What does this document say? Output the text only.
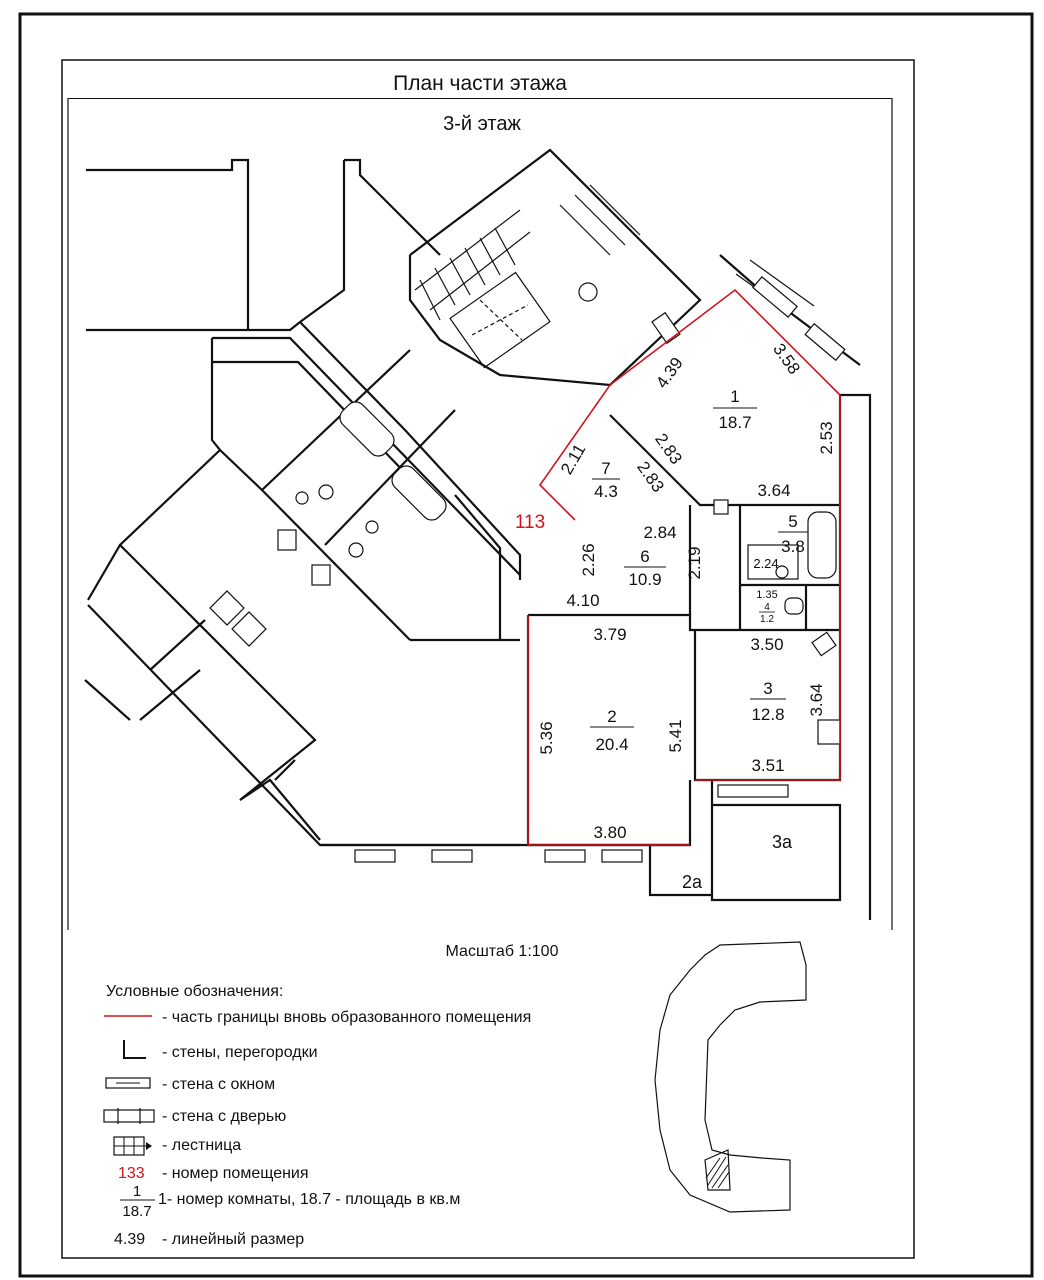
План части этажа
3-й этаж
113
1
18.7
7
4.3
5
3.8
6
10.9
4
1.2
3
12.8
2
20.4
3а
2а
4.39	3.58
2.53
2.83
2.83
2.11
3.64
2.84
2.26	2.19
4.10
2.24
1.35
3.79
3.50
3.64
5.36	5.41
3.51
3.80
Масштаб 1:100
Условные обозначения:
- часть границы вновь образованного помещения
- стены, перегородки
- стена с окном
- стена с дверью
- лестница
133 - номер помещения
1
18.7
1- номер комнаты, 18.7 - площадь в кв.м
4.39 - линейный размер
